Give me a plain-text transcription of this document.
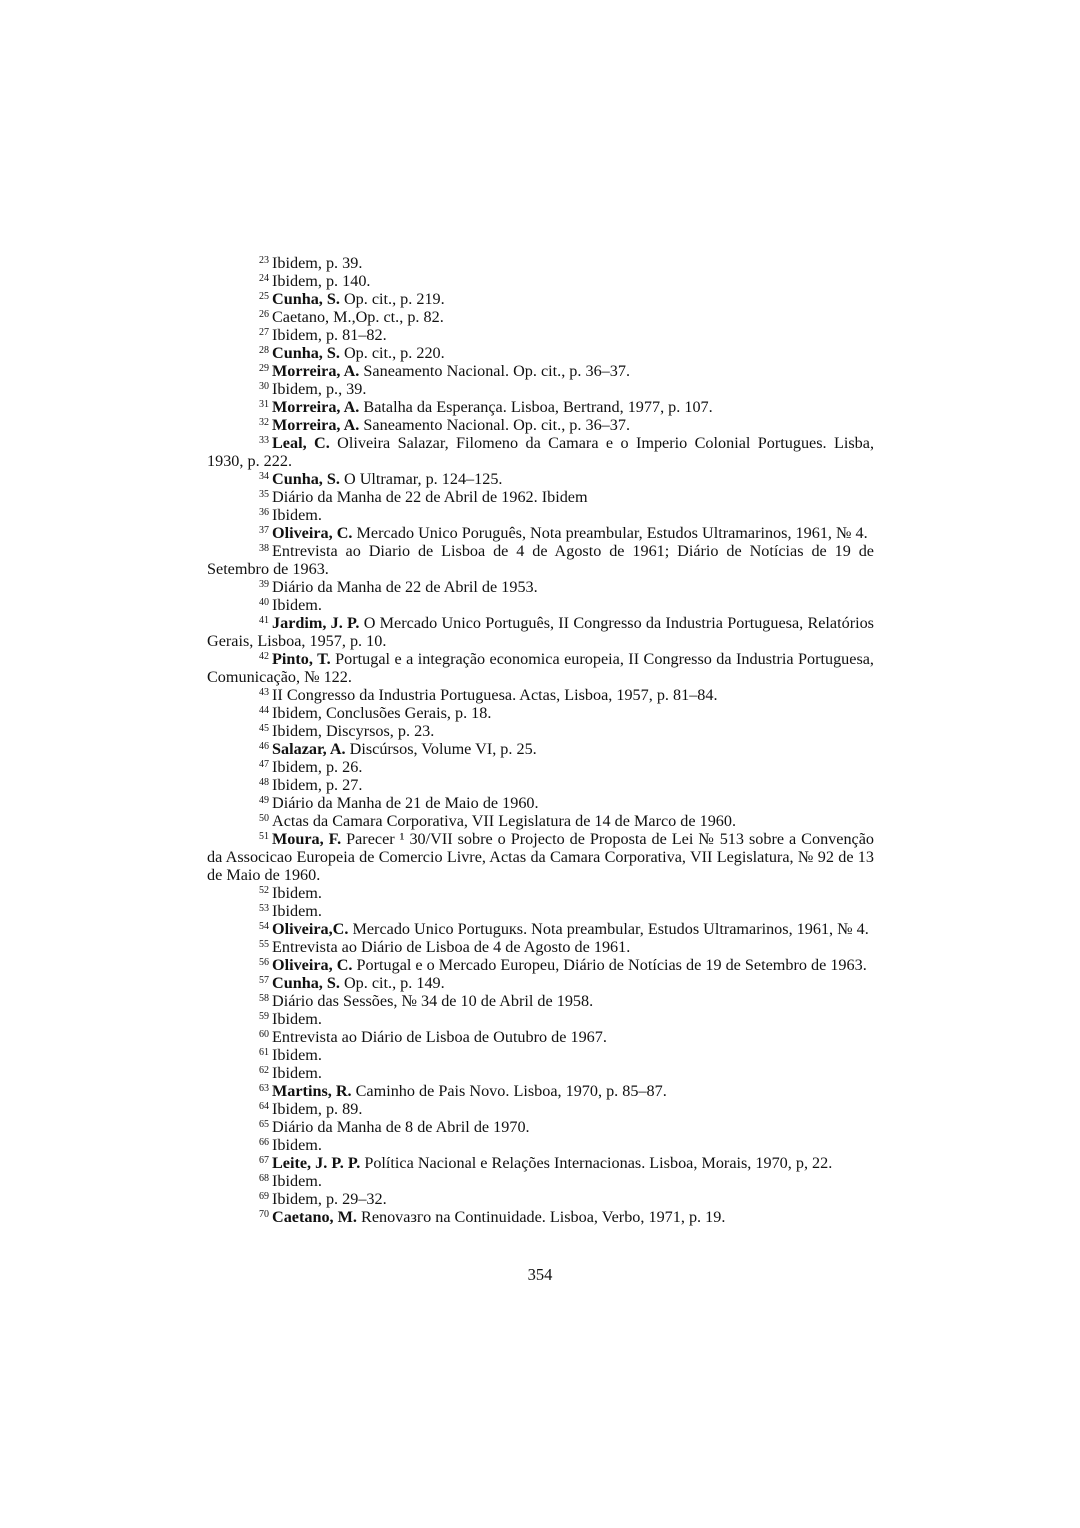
$^{23}$ Ibidem, p. 39.
$^{24}$ Ibidem, p. 140.
$^{25}$ Cunha, S. Op. cit., p. 219.
$^{26}$ Caetano, M.,Op. ct., p. 82.
$^{27}$ Ibidem, p. 81–82.
$^{28}$ Cunha, S. Op. cit., p. 220.
$^{29}$ Morreira, A. Saneamento Nacional. Op. cit., p. 36–37.
$^{30}$ Ibidem, p., 39.
$^{31}$ Morreira, A. Batalha da Esperança. Lisboa, Bertrand, 1977, p. 107.
$^{32}$ Morreira, A. Saneamento Nacional. Op. cit., p. 36–37.
$^{33}$ Leal, C. Oliveira Salazar, Filomeno da Camara e o Imperio Colonial Portugues. Lisba, 1930, p. 222.
$^{34}$ Cunha, S. O Ultramar, p. 124–125.
$^{35}$ Diário da Manha de 22 de Abril de 1962. Ibidem
$^{36}$ Ibidem.
$^{37}$ Oliveira, C. Mercado Unico Poruguês, Nota preambular, Estudos Ultramarinos, 1961, № 4.
$^{38}$ Entrevista ao Diario de Lisboa de 4 de Agosto de 1961; Diário de Notícias de 19 de Setembro de 1963.
$^{39}$ Diário da Manha de 22 de Abril de 1953.
$^{40}$ Ibidem.
$^{41}$ Jardim, J. P. O Mercado Unico Português, II Congresso da Industria Portuguesa, Relatórios Gerais, Lisboa, 1957, p. 10.
$^{42}$ Pinto, T. Portugal e a integração economica europeia, II Congresso da Industria Portuguesa, Comunicação, № 122.
$^{43}$ II Congresso da Industria Portuguesa. Actas, Lisboa, 1957, p. 81–84.
$^{44}$ Ibidem, Conclusões Gerais, p. 18.
$^{45}$ Ibidem, Discyrsos, p. 23.
$^{46}$ Salazar, A. Discúrsos, Volume VI, p. 25.
$^{47}$ Ibidem, p. 26.
$^{48}$ Ibidem, p. 27.
$^{49}$ Diário da Manha de 21 de Maio de 1960.
$^{50}$ Actas da Camara Corporativa, VII Legislatura de 14 de Marco de 1960.
$^{51}$ Moura, F. Parecer ¹ 30/VII sobre o Projecto de Proposta de Lei № 513 sobre a Convenção da Associcao Europeia de Comercio Livre, Actas da Camara Corporativa, VII Legislatura, № 92 de 13 de Maio de 1960.
$^{52}$ Ibidem.
$^{53}$ Ibidem.
$^{54}$ Oliveira,C. Mercado Unico Portuguкs. Nota preambular, Estudos Ultramarinos, 1961, № 4.
$^{55}$ Entrevista ao Diário de Lisboa de 4 de Agosto de 1961.
$^{56}$ Oliveira, C. Portugal e o Mercado Europeu, Diário de Notícias de 19 de Setembro de 1963.
$^{57}$ Cunha, S. Op. cit., p. 149.
$^{58}$ Diário das Sessões, № 34 de 10 de Abril de 1958.
$^{59}$ Ibidem.
$^{60}$ Entrevista ao Diário de Lisboa de Outubro de 1967.
$^{61}$ Ibidem.
$^{62}$ Ibidem.
$^{63}$ Martins, R. Caminho de Pais Novo. Lisboa, 1970, p. 85–87.
$^{64}$ Ibidem, p. 89.
$^{65}$ Diário da Manha de 8 de Abril de 1970.
$^{66}$ Ibidem.
$^{67}$ Leite, J. P. P. Política Nacional e Relações Internacionas. Lisboa, Morais, 1970, p, 22.
$^{68}$ Ibidem.
$^{69}$ Ibidem, p. 29–32.
$^{70}$ Caetano, M. Renovaзго na Continuidade. Lisboa, Verbo, 1971, p. 19.
354
